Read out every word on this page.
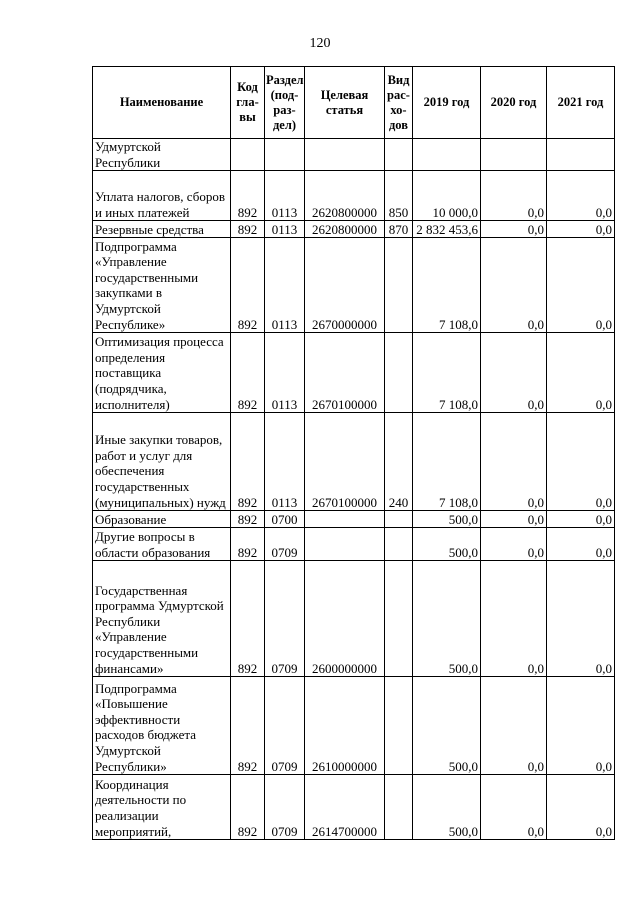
120
Наименование	Код гла-вы	Раздел (под-раз-дел)	Целевая статья	Вид рас-хо-дов	2019 год	2020 год	2021 год
Удмуртской Республики							
Уплата налогов, сборов и иных платежей	892	0113	2620800000	850	10 000,0	0,0	0,0
Резервные средства	892	0113	2620800000	870	2 832 453,6	0,0	0,0
Подпрограмма «Управление государственными закупками в Удмуртской Республике»	892	0113	2670000000		7 108,0	0,0	0,0
Оптимизация процесса определения поставщика (подрядчика, исполнителя)	892	0113	2670100000		7 108,0	0,0	0,0
Иные закупки товаров, работ и услуг для обеспечения государственных (муниципальных) нужд	892	0113	2670100000	240	7 108,0	0,0	0,0
Образование	892	0700			500,0	0,0	0,0
Другие вопросы в области образования	892	0709			500,0	0,0	0,0
Государственная программа Удмуртской Республики «Управление государственными финансами»	892	0709	2600000000		500,0	0,0	0,0
Подпрограмма «Повышение эффективности расходов бюджета Удмуртской Республики»	892	0709	2610000000		500,0	0,0	0,0
Координация деятельности по реализации мероприятий,	892	0709	2614700000		500,0	0,0	0,0
